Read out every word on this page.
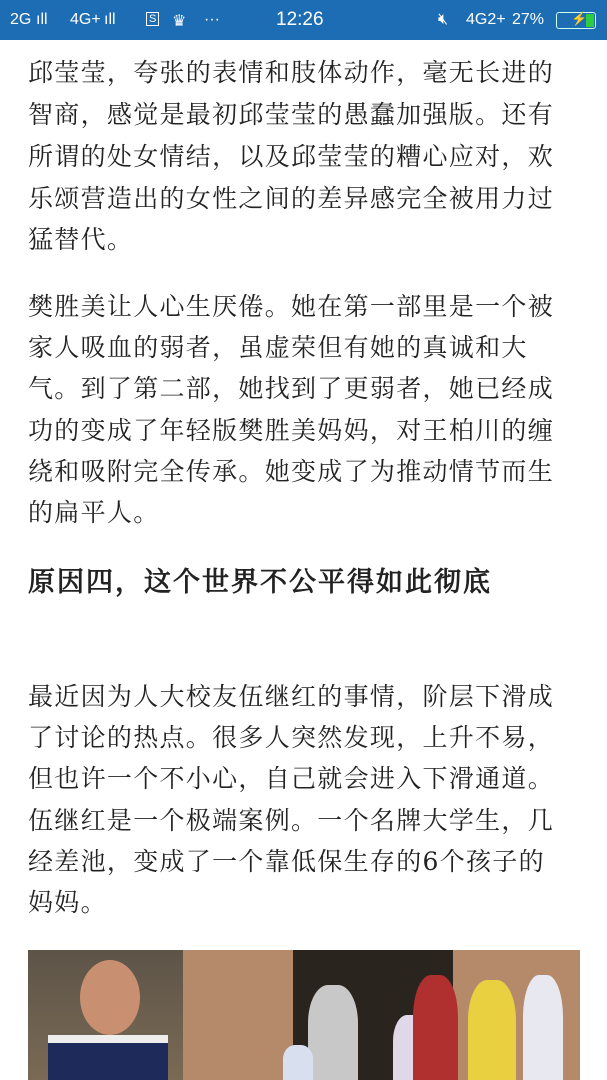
2G ıll 4G+ ıll	S ♛ ···	12:26	🔇︎ 4G2+ 27% ⚡
邱莹莹，夸张的表情和肢体动作，毫无长进的
智商，感觉是最初邱莹莹的愚蠢加强版。还有
所谓的处女情结，以及邱莹莹的糟心应对，欢
乐颂营造出的女性之间的差异感完全被用力过
猛替代。
樊胜美让人心生厌倦。她在第一部里是一个被
家人吸血的弱者，虽虚荣但有她的真诚和大
气。到了第二部，她找到了更弱者，她已经成
功的变成了年轻版樊胜美妈妈，对王柏川的缠
绕和吸附完全传承。她变成了为推动情节而生
的扁平人。
原因四，这个世界不公平得如此彻底
最近因为人大校友伍继红的事情，阶层下滑成
了讨论的热点。很多人突然发现，上升不易，
但也许一个不小心，自己就会进入下滑通道。
伍继红是一个极端案例。一个名牌大学生，几
经差池，变成了一个靠低保生存的6个孩子的
妈妈。
